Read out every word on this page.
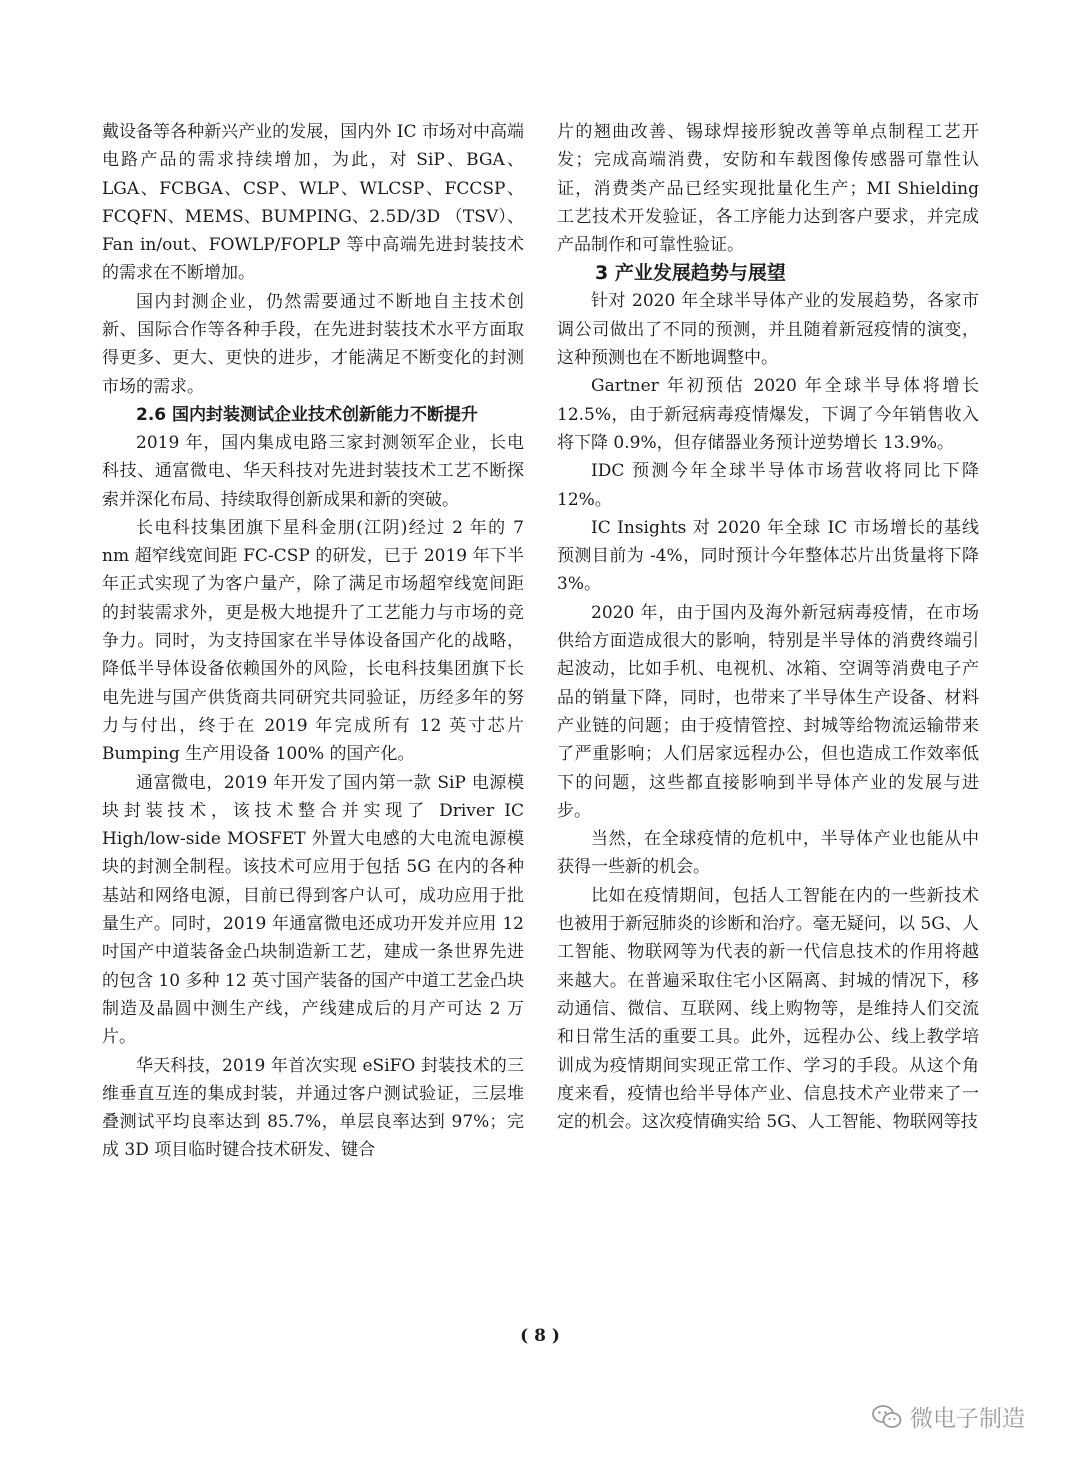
戴设备等各种新兴产业的发展，国内外 IC 市场对中高端电路产品的需求持续增加，为此，对 SiP、BGA、LGA、FCBGA、CSP、WLP、WLCSP、FCCSP、FCQFN、MEMS、BUMPING、2.5D/3D （TSV）、Fan in/out、FOWLP/FOPLP 等中高端先进封装技术的需求在不断增加。

国内封测企业，仍然需要通过不断地自主技术创新、国际合作等各种手段，在先进封装技术水平方面取得更多、更大、更快的进步，才能满足不断变化的封测市场的需求。

2.6 国内封装测试企业技术创新能力不断提升

2019 年，国内集成电路三家封测领军企业，长电科技、通富微电、华天科技对先进封装技术工艺不断探索并深化布局、持续取得创新成果和新的突破。

长电科技集团旗下星科金朋(江阴)经过 2 年的 7 nm 超窄线宽间距 FC-CSP 的研发，已于 2019 年下半年正式实现了为客户量产，除了满足市场超窄线宽间距的封装需求外，更是极大地提升了工艺能力与市场的竞争力。同时，为支持国家在半导体设备国产化的战略，降低半导体设备依赖国外的风险，长电科技集团旗下长电先进与国产供货商共同研究共同验证，历经多年的努力与付出，终于在 2019 年完成所有 12 英寸芯片 Bumping 生产用设备 100% 的国产化。

通富微电，2019 年开发了国内第一款 SiP 电源模块封装技术，该技术整合并实现了 Driver IC High/low-side MOSFET 外置大电感的大电流电源模块的封测全制程。该技术可应用于包括 5G 在内的各种基站和网络电源，目前已得到客户认可，成功应用于批量生产。同时，2019 年通富微电还成功开发并应用 12 吋国产中道装备金凸块制造新工艺，建成一条世界先进的包含 10 多种 12 英寸国产装备的国产中道工艺金凸块制造及晶圆中测生产线，产线建成后的月产可达 2 万片。

华天科技，2019 年首次实现 eSiFO 封装技术的三维垂直互连的集成封装，并通过客户测试验证，三层堆叠测试平均良率达到 85.7%，单层良率达到 97%；完成 3D 项目临时键合技术研发、键合

片的翘曲改善、锡球焊接形貌改善等单点制程工艺开发；完成高端消费，安防和车载图像传感器可靠性认证，消费类产品已经实现批量化生产；MI Shielding 工艺技术开发验证，各工序能力达到客户要求，并完成产品制作和可靠性验证。

3 产业发展趋势与展望

针对 2020 年全球半导体产业的发展趋势，各家市调公司做出了不同的预测，并且随着新冠疫情的演变，这种预测也在不断地调整中。

Gartner 年初预估 2020 年全球半导体将增长 12.5%，由于新冠病毒疫情爆发，下调了今年销售收入将下降 0.9%，但存储器业务预计逆势增长 13.9%。

IDC 预测今年全球半导体市场营收将同比下降 12%。

IC Insights 对 2020 年全球 IC 市场增长的基线预测目前为 -4%，同时预计今年整体芯片出货量将下降 3%。

2020 年，由于国内及海外新冠病毒疫情，在市场供给方面造成很大的影响，特别是半导体的消费终端引起波动，比如手机、电视机、冰箱、空调等消费电子产品的销量下降，同时，也带来了半导体生产设备、材料产业链的问题；由于疫情管控、封城等给物流运输带来了严重影响；人们居家远程办公，但也造成工作效率低下的问题，这些都直接影响到半导体产业的发展与进步。

当然，在全球疫情的危机中，半导体产业也能从中获得一些新的机会。

比如在疫情期间，包括人工智能在内的一些新技术也被用于新冠肺炎的诊断和治疗。毫无疑问，以 5G、人工智能、物联网等为代表的新一代信息技术的作用将越来越大。在普遍采取住宅小区隔离、封城的情况下，移动通信、微信、互联网、线上购物等，是维持人们交流和日常生活的重要工具。此外，远程办公、线上教学培训成为疫情期间实现正常工作、学习的手段。从这个角度来看，疫情也给半导体产业、信息技术产业带来了一定的机会。这次疫情确实给 5G、人工智能、物联网等技

( 8 )
微电子制造
